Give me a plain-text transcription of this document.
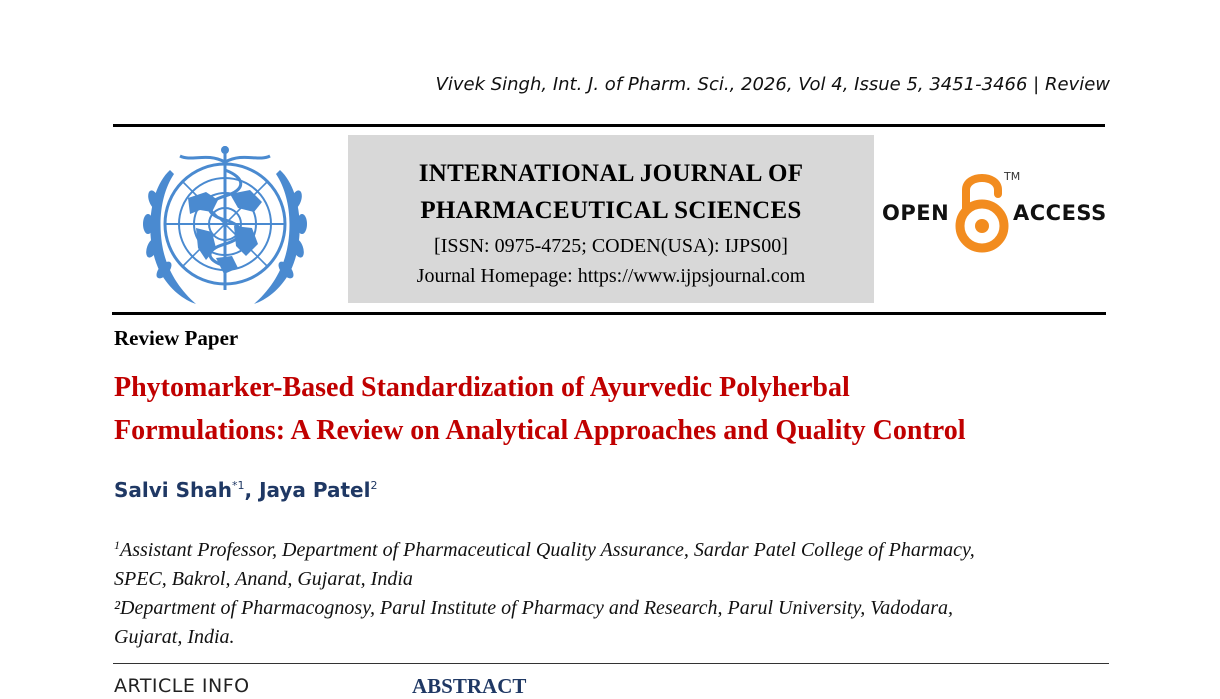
Vivek Singh, Int. J. of Pharm. Sci., 2026, Vol 4, Issue 5, 3451-3466 | Review
INTERNATIONAL JOURNAL OF
PHARMACEUTICAL SCIENCES
[ISSN: 0975-4725; CODEN(USA): IJPS00]
Journal Homepage: https://www.ijpsjournal.com
OPEN
TM
ACCESS
Review Paper
Phytomarker-Based Standardization of Ayurvedic Polyherbal
Formulations: A Review on Analytical Approaches and Quality Control
Salvi Shah$^{*1}$, Jaya Patel$^2$
$^1$Assistant Professor, Department of Pharmaceutical Quality Assurance, Sardar Patel College of Pharmacy,
SPEC, Bakrol, Anand, Gujarat, India
²Department of Pharmacognosy, Parul Institute of Pharmacy and Research, Parul University, Vadodara,
Gujarat, India.
ARTICLE INFO	ABSTRACT
